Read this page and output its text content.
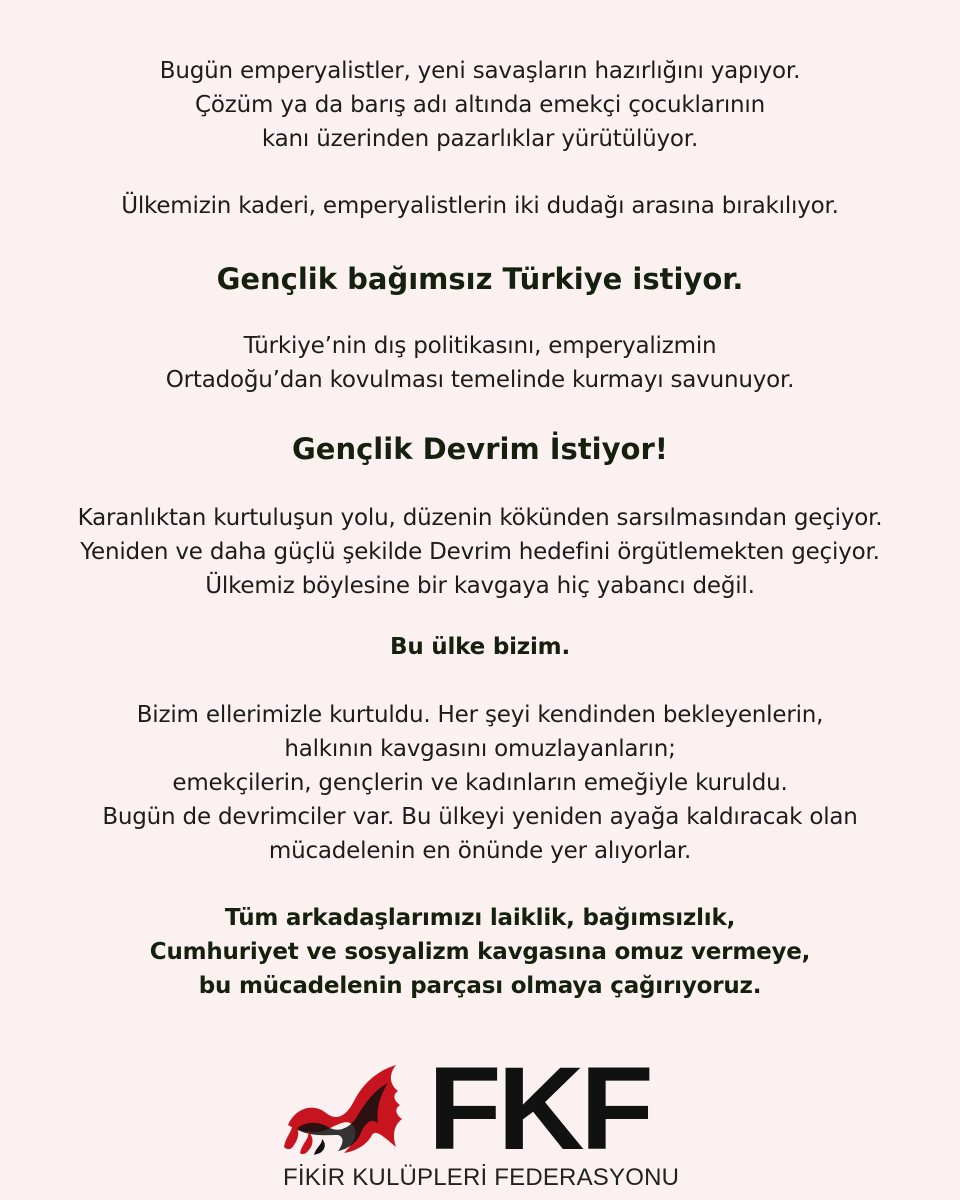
Bugün emperyalistler, yeni savaşların hazırlığını yapıyor.
Çözüm ya da barış adı altında emekçi çocuklarının
kanı üzerinden pazarlıklar yürütülüyor.

Ülkemizin kaderi, emperyalistlerin iki dudağı arasına bırakılıyor.

Gençlik bağımsız Türkiye istiyor.

Türkiye’nin dış politikasını, emperyalizmin
Ortadoğu’dan kovulması temelinde kurmayı savunuyor.

Gençlik Devrim İstiyor!

Karanlıktan kurtuluşun yolu, düzenin kökünden sarsılmasından geçiyor.
Yeniden ve daha güçlü şekilde Devrim hedefini örgütlemekten geçiyor.
Ülkemiz böylesine bir kavgaya hiç yabancı değil.

Bu ülke bizim.

Bizim ellerimizle kurtuldu. Her şeyi kendinden bekleyenlerin,
halkının kavgasını omuzlayanların;
emekçilerin, gençlerin ve kadınların emeğiyle kuruldu.
Bugün de devrimciler var. Bu ülkeyi yeniden ayağa kaldıracak olan
mücadelenin en önünde yer alıyorlar.

Tüm arkadaşlarımızı laiklik, bağımsızlık,
Cumhuriyet ve sosyalizm kavgasına omuz vermeye,
bu mücadelenin parçası olmaya çağırıyoruz.

FKF
FİKİR KULÜPLERİ FEDERASYONU
